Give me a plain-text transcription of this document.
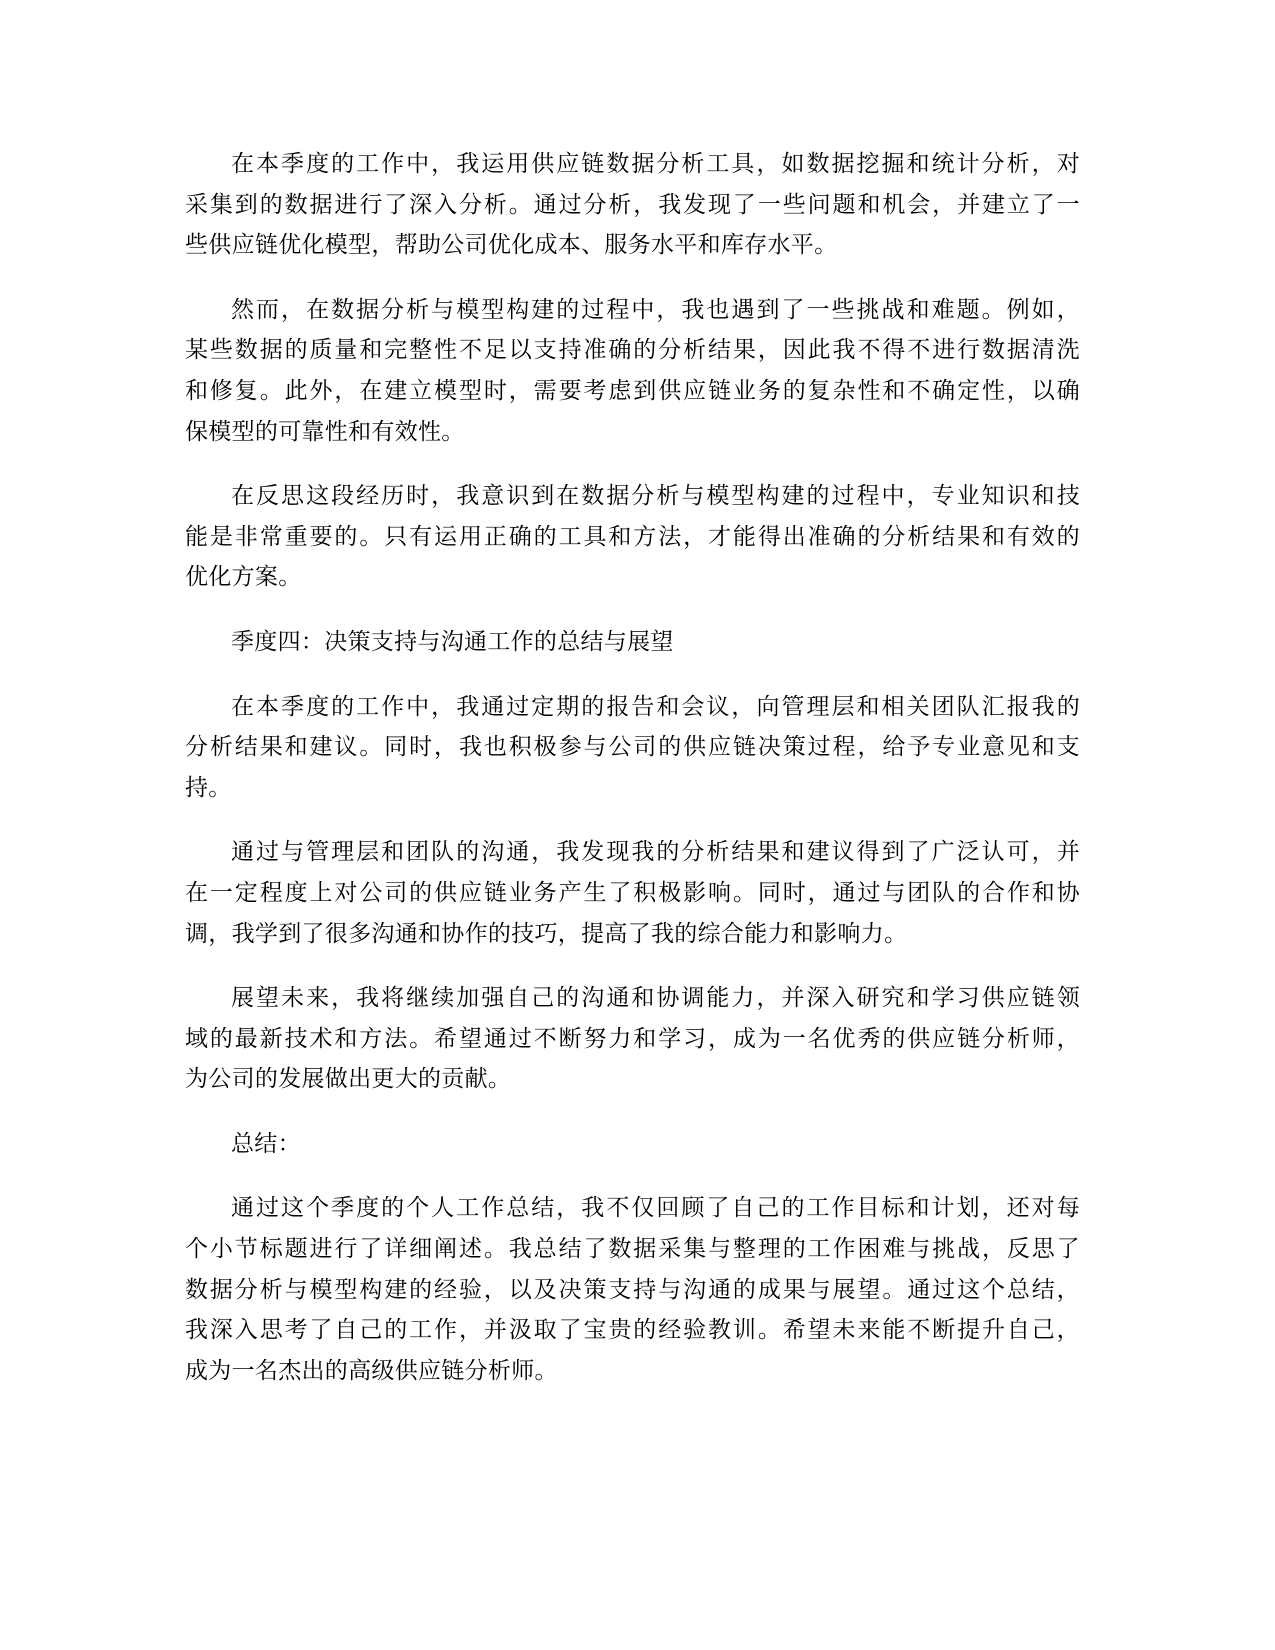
在本季度的工作中，我运用供应链数据分析工具，如数据挖掘和统计分析，对
采集到的数据进行了深入分析。通过分析，我发现了一些问题和机会，并建立了一
些供应链优化模型，帮助公司优化成本、服务水平和库存水平。

然而，在数据分析与模型构建的过程中，我也遇到了一些挑战和难题。例如，
某些数据的质量和完整性不足以支持准确的分析结果，因此我不得不进行数据清洗
和修复。此外，在建立模型时，需要考虑到供应链业务的复杂性和不确定性，以确
保模型的可靠性和有效性。

在反思这段经历时，我意识到在数据分析与模型构建的过程中，专业知识和技
能是非常重要的。只有运用正确的工具和方法，才能得出准确的分析结果和有效的
优化方案。

季度四：决策支持与沟通工作的总结与展望

在本季度的工作中，我通过定期的报告和会议，向管理层和相关团队汇报我的
分析结果和建议。同时，我也积极参与公司的供应链决策过程，给予专业意见和支
持。

通过与管理层和团队的沟通，我发现我的分析结果和建议得到了广泛认可，并
在一定程度上对公司的供应链业务产生了积极影响。同时，通过与团队的合作和协
调，我学到了很多沟通和协作的技巧，提高了我的综合能力和影响力。

展望未来，我将继续加强自己的沟通和协调能力，并深入研究和学习供应链领
域的最新技术和方法。希望通过不断努力和学习，成为一名优秀的供应链分析师，
为公司的发展做出更大的贡献。

总结：

通过这个季度的个人工作总结，我不仅回顾了自己的工作目标和计划，还对每
个小节标题进行了详细阐述。我总结了数据采集与整理的工作困难与挑战，反思了
数据分析与模型构建的经验，以及决策支持与沟通的成果与展望。通过这个总结，
我深入思考了自己的工作，并汲取了宝贵的经验教训。希望未来能不断提升自己，
成为一名杰出的高级供应链分析师。
